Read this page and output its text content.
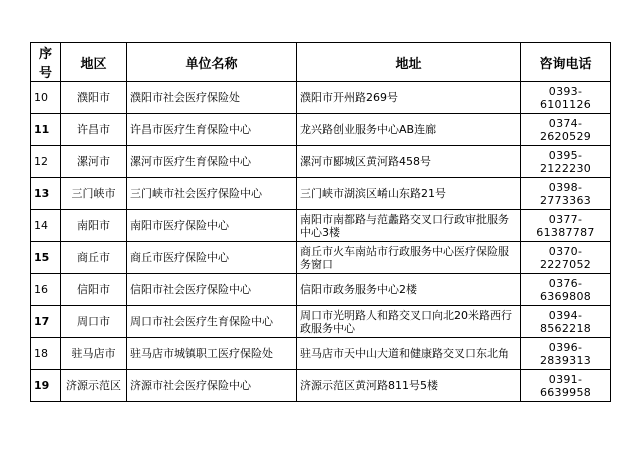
序号	地区	单位名称	地址	咨询电话
10	濮阳市	濮阳市社会医疗保险处	濮阳市开州路269号	0393-6101126
11	许昌市	许昌市医疗生育保险中心	龙兴路创业服务中心AB连廊	0374-2620529
12	漯河市	漯河市医疗生育保险中心	漯河市郾城区黄河路458号	0395-2122230
13	三门峡市	三门峡市社会医疗保险中心	三门峡市湖滨区崤山东路21号	0398-2773363
14	南阳市	南阳市医疗保险中心	南阳市南都路与范蠡路交叉口行政审批服务中心3楼	0377-61387787
15	商丘市	商丘市医疗保险中心	商丘市火车南站市行政服务中心医疗保险服务窗口	0370-2227052
16	信阳市	信阳市社会医疗保险中心	信阳市政务服务中心2楼	0376-6369808
17	周口市	周口市社会医疗生育保险中心	周口市光明路人和路交叉口向北20米路西行政服务中心	0394-8562218
18	驻马店市	驻马店市城镇职工医疗保险处	驻马店市天中山大道和健康路交叉口东北角	0396-2839313
19	济源示范区	济源市社会医疗保险中心	济源示范区黄河路811号5楼	0391-6639958
